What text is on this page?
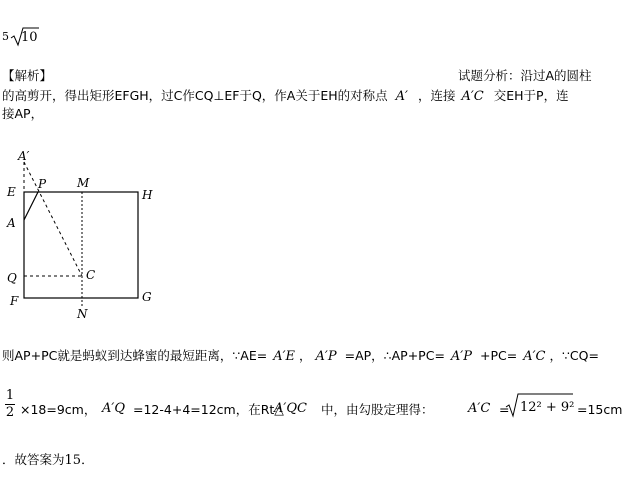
5 10
【解析】	试题分析：沿过A的圆柱
的高剪开，得出矩形EFGH，过C作CQ⊥EF于Q，作A关于EH的对称点 A′ ，连接 A′C 交EH于P，连
接AP，
A′
E
P	M
H
A
C
Q
F	G
N
则AP+PC就是蚂蚁到达蜂蜜的最短距离，∵AE= A′E ， A′P =AP，∴AP+PC= A′P +PC= A′C ，∵CQ=
1
2 ×18=9cm， A′Q =12-4+4=12cm，在Rt△
A′QC 中，由勾股定理得：	A′C = 12² + 9² =15cm
．故答案为15．
